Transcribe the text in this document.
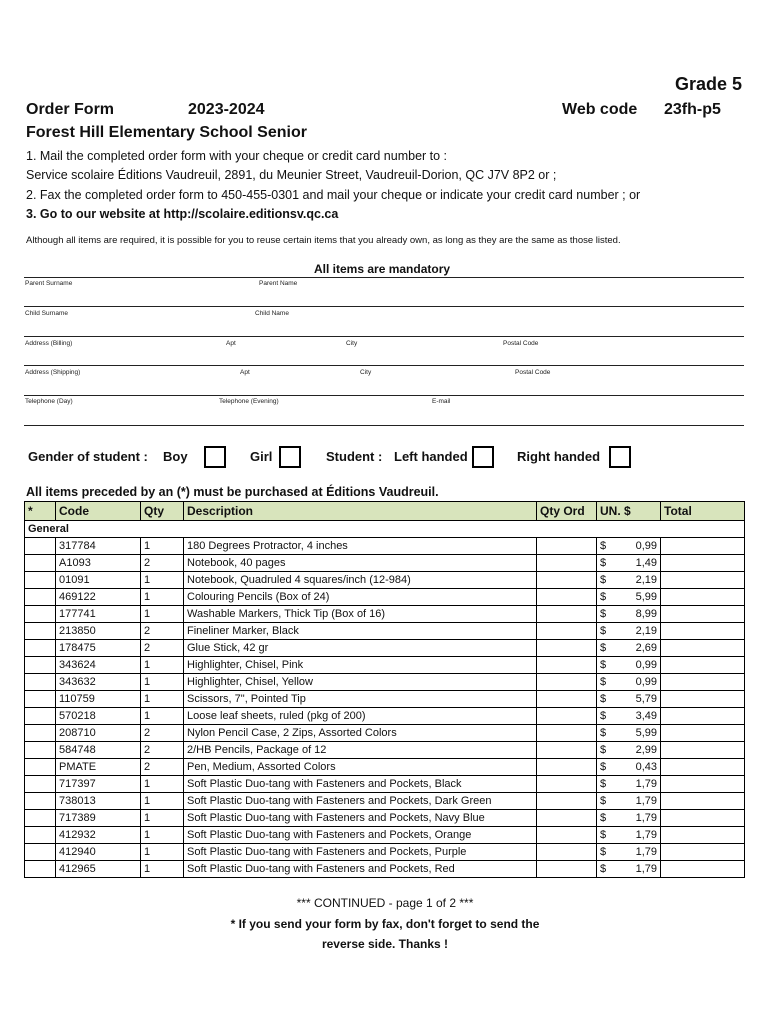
Grade 5
Order Form	2023-2024	Web code 23fh-p5
Forest Hill Elementary School Senior
1. Mail the completed order form with your cheque or credit card number to :
Service scolaire Éditions Vaudreuil, 2891, du Meunier Street, Vaudreuil-Dorion, QC J7V 8P2 or ;
2. Fax the completed order form to 450-455-0301 and mail your cheque or indicate your credit card number ; or
3. Go to our website at http://scolaire.editionsv.qc.ca
Although all items are required, it is possible for you to reuse certain items that you already own, as long as they are the same as those listed.
All items are mandatory
Parent Surname	Parent Name
Child Surname	Child Name
Address (Billing)	Apt	City	Postal Code
Address (Shipping)	Apt	City	Postal Code
Telephone (Day)	Telephone (Evening)	E-mail
Gender of student : Boy	Girl	Student : Left handed	Right handed
All items preceded by an (*) must be purchased at Éditions Vaudreuil.
*	Code	Qty	Description	Qty Ord	UN. $	Total
General						
	317784	1	180 Degrees Protractor, 4 inches		$ 0,99	

	A1093	2	Notebook, 40 pages		$ 1,49	

	01091	1	Notebook, Quadruled 4 squares/inch (12-984)		$ 2,19	

	469122	1	Colouring Pencils (Box of 24)		$ 5,99	

	177741	1	Washable Markers, Thick Tip (Box of 16)		$ 8,99	

	213850	2	Fineliner Marker, Black		$ 2,19	

	178475	2	Glue Stick, 42 gr		$ 2,69	

	343624	1	Highlighter, Chisel, Pink		$ 0,99	

	343632	1	Highlighter, Chisel, Yellow		$ 0,99	

	110759	1	Scissors, 7", Pointed Tip		$ 5,79	

	570218	1	Loose leaf sheets, ruled (pkg of 200)		$ 3,49	

	208710	2	Nylon Pencil Case, 2 Zips, Assorted Colors		$ 5,99	

	584748	2	2/HB Pencils, Package of 12		$ 2,99	

	PMATE	2	Pen, Medium, Assorted Colors		$ 0,43	

	717397	1	Soft Plastic Duo-tang with Fasteners and Pockets, Black		$ 1,79	

	738013	1	Soft Plastic Duo-tang with Fasteners and Pockets, Dark Green		$ 1,79	

	717389	1	Soft Plastic Duo-tang with Fasteners and Pockets, Navy Blue		$ 1,79	

	412932	1	Soft Plastic Duo-tang with Fasteners and Pockets, Orange		$ 1,79	

	412940	1	Soft Plastic Duo-tang with Fasteners and Pockets, Purple		$ 1,79	

	412965	1	Soft Plastic Duo-tang with Fasteners and Pockets, Red		$ 1,79	

*** CONTINUED - page 1 of 2 ***
* If you send your form by fax, don't forget to send the
reverse side. Thanks !
